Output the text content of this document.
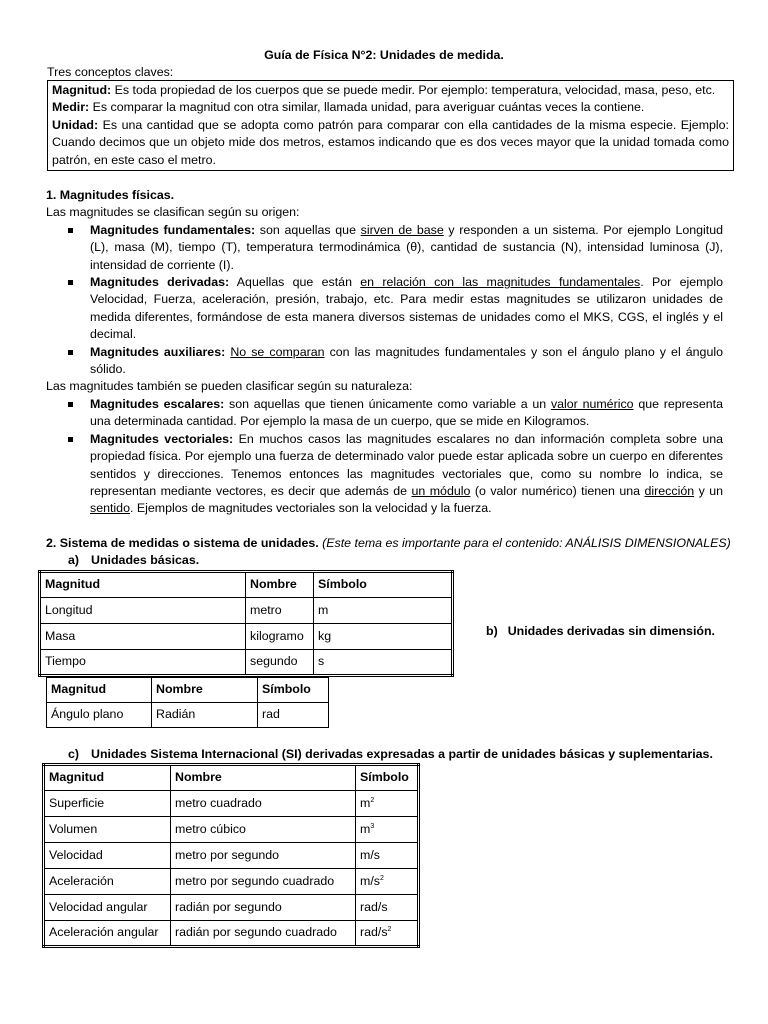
Guía de Física N°2: Unidades de medida.
Tres conceptos claves:

Magnitud: Es toda propiedad de los cuerpos que se puede medir. Por ejemplo: temperatura, velocidad, masa, peso, etc.

Medir: Es comparar la magnitud con otra similar, llamada unidad, para averiguar cuántas veces la contiene.

Unidad: Es una cantidad que se adopta como patrón para comparar con ella cantidades de la misma especie. Ejemplo: Cuando decimos que un objeto mide dos metros, estamos indicando que es dos veces mayor que la unidad tomada como patrón, en este caso el metro.

1. Magnitudes físicas.

Las magnitudes se clasifican según su origen:

Magnitudes fundamentales: son aquellas que sirven de base y responden a un sistema. Por ejemplo Longitud (L), masa (M), tiempo (T), temperatura termodinámica (θ), cantidad de sustancia (N), intensidad luminosa (J), intensidad de corriente (I).
Magnitudes derivadas: Aquellas que están en relación con las magnitudes fundamentales. Por ejemplo Velocidad, Fuerza, aceleración, presión, trabajo, etc. Para medir estas magnitudes se utilizaron unidades de medida diferentes, formándose de esta manera diversos sistemas de unidades como el MKS, CGS, el inglés y el decimal.
Magnitudes auxiliares: No se comparan con las magnitudes fundamentales y son el ángulo plano y el ángulo sólido.

Las magnitudes también se pueden clasificar según su naturaleza:

Magnitudes escalares: son aquellas que tienen únicamente como variable a un valor numérico que representa una determinada cantidad. Por ejemplo la masa de un cuerpo, que se mide en Kilogramos.
Magnitudes vectoriales: En muchos casos las magnitudes escalares no dan información completa sobre una propiedad física. Por ejemplo una fuerza de determinado valor puede estar aplicada sobre un cuerpo en diferentes sentidos y direcciones. Tenemos entonces las magnitudes vectoriales que, como su nombre lo indica, se representan mediante vectores, es decir que además de un módulo (o valor numérico) tienen una dirección y un sentido. Ejemplos de magnitudes vectoriales son la velocidad y la fuerza.
2. Sistema de medidas o sistema de unidades. (Este tema es importante para el contenido: ANÁLISIS DIMENSIONALES)
a) Unidades básicas.
Magnitud	Nombre	Símbolo
Longitud	metro	m
Masa	kilogramo	kg
Tiempo	segundo	s
b) Unidades derivadas sin dimensión.
Magnitud	Nombre	Símbolo
Ángulo plano	Radián	rad
c) Unidades Sistema Internacional (SI) derivadas expresadas a partir de unidades básicas y suplementarias.
Magnitud	Nombre	Símbolo
Superficie	metro cuadrado	$m^2$
Volumen	metro cúbico	$m^3$
Velocidad	metro por segundo	m/s
Aceleración	metro por segundo cuadrado	$m/s^2$
Velocidad angular	radián por segundo	rad/s
Aceleración angular	radián por segundo cuadrado	rad/$s^2$
